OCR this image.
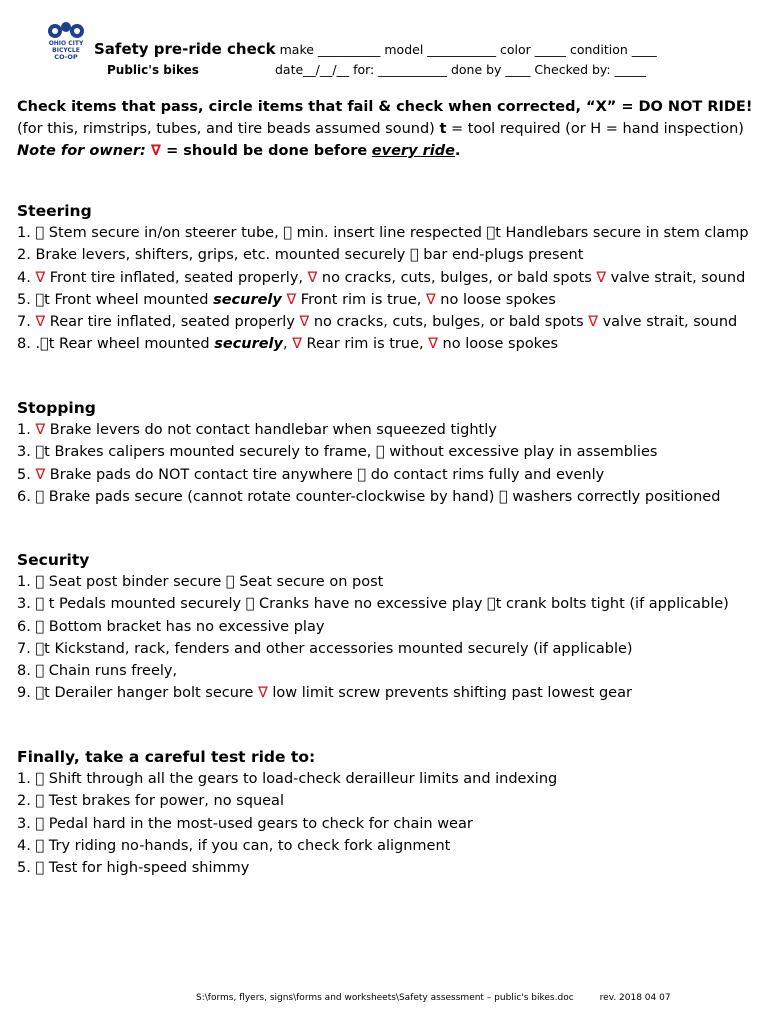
OHIO CITY
BICYCLE
CO-OP Safety pre-ride check make __________ model ___________ color _____ condition ____
Public's bikes	date__/__/__ for: ___________ done by ____ Checked by: _____
Check items that pass, circle items that fail & check when corrected, “X” = DO NOT RIDE!
(for this, rimstrips, tubes, and tire beads assumed sound) t = tool required (or H = hand inspection)
Note for owner: ∇ = should be done before every ride.
Steering
1.   Stem secure in/on steerer tube,   min. insert line respected  t Handlebars secure in stem clamp
2. Brake levers, shifters, grips, etc. mounted securely   bar end-plugs present
4. ∇ Front tire inflated, seated properly, ∇ no cracks, cuts, bulges, or bald spots ∇ valve strait, sound
5.  t Front wheel mounted securely ∇ Front rim is true, ∇ no loose spokes
7. ∇ Rear tire inflated, seated properly ∇ no cracks, cuts, bulges, or bald spots ∇ valve strait, sound
8. . t Rear wheel mounted securely, ∇ Rear rim is true, ∇ no loose spokes
Stopping
1. ∇ Brake levers do not contact handlebar when squeezed tightly
3.  t Brakes calipers mounted securely to frame,   without excessive play in assemblies
5. ∇ Brake pads do NOT contact tire anywhere   do contact rims fully and evenly
6.   Brake pads secure (cannot rotate counter-clockwise by hand)   washers correctly positioned
Security
1.   Seat post binder secure   Seat secure on post
3.   t Pedals mounted securely   Cranks have no excessive play  t crank bolts tight (if applicable)
6.   Bottom bracket has no excessive play
7.  t Kickstand, rack, fenders and other accessories mounted securely (if applicable)
8.   Chain runs freely,
9.  t Derailer hanger bolt secure ∇ low limit screw prevents shifting past lowest gear
Finally, take a careful test ride to:
1.   Shift through all the gears to load-check derailleur limits and indexing
2.   Test brakes for power, no squeal
3.   Pedal hard in the most-used gears to check for chain wear
4.   Try riding no-hands, if you can, to check fork alignment
5.   Test for high-speed shimmy
S:\forms, flyers, signs\forms and worksheets\Safety assessment – public's bikes.doc	rev. 2018 04 07
